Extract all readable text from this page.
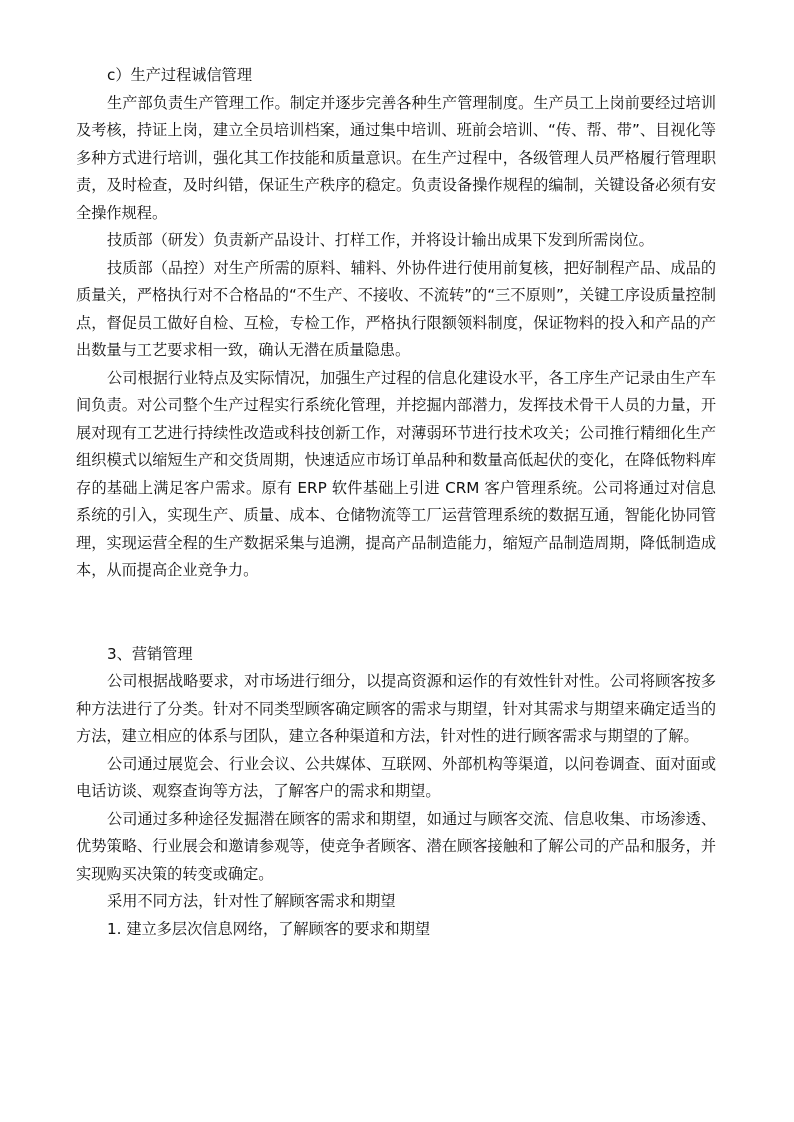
c）生产过程诚信管理

生产部负责生产管理工作。制定并逐步完善各种生产管理制度。生产员工上岗前要经过培训及考核，持证上岗，建立全员培训档案，通过集中培训、班前会培训、“传、帮、带”、目视化等多种方式进行培训，强化其工作技能和质量意识。在生产过程中，各级管理人员严格履行管理职责，及时检查，及时纠错，保证生产秩序的稳定。负责设备操作规程的编制，关键设备必须有安全操作规程。

技质部（研发）负责新产品设计、打样工作，并将设计输出成果下发到所需岗位。

技质部（品控）对生产所需的原料、辅料、外协件进行使用前复核，把好制程产品、成品的质量关，严格执行对不合格品的“不生产、不接收、不流转”的“三不原则”，关键工序设质量控制点，督促员工做好自检、互检，专检工作，严格执行限额领料制度，保证物料的投入和产品的产出数量与工艺要求相一致，确认无潜在质量隐患。

公司根据行业特点及实际情况，加强生产过程的信息化建设水平，各工序生产记录由生产车间负责。对公司整个生产过程实行系统化管理，并挖掘内部潜力，发挥技术骨干人员的力量，开展对现有工艺进行持续性改造或科技创新工作，对薄弱环节进行技术攻关；公司推行精细化生产组织模式以缩短生产和交货周期，快速适应市场订单品种和数量高低起伏的变化，在降低物料库存的基础上满足客户需求。原有 ERP 软件基础上引进 CRM 客户管理系统。公司将通过对信息系统的引入，实现生产、质量、成本、仓储物流等工厂运营管理系统的数据互通，智能化协同管理，实现运营全程的生产数据采集与追溯，提高产品制造能力，缩短产品制造周期，降低制造成本，从而提高企业竞争力。

3、营销管理

公司根据战略要求，对市场进行细分，以提高资源和运作的有效性针对性。公司将顾客按多种方法进行了分类。针对不同类型顾客确定顾客的需求与期望，针对其需求与期望来确定适当的方法，建立相应的体系与团队，建立各种渠道和方法，针对性的进行顾客需求与期望的了解。

公司通过展览会、行业会议、公共媒体、互联网、外部机构等渠道，以问卷调查、面对面或电话访谈、观察查询等方法，了解客户的需求和期望。

公司通过多种途径发掘潜在顾客的需求和期望，如通过与顾客交流、信息收集、市场渗透、优势策略、行业展会和邀请参观等，使竞争者顾客、潜在顾客接触和了解公司的产品和服务，并实现购买决策的转变或确定。

采用不同方法，针对性了解顾客需求和期望

1. 建立多层次信息网络，了解顾客的要求和期望
